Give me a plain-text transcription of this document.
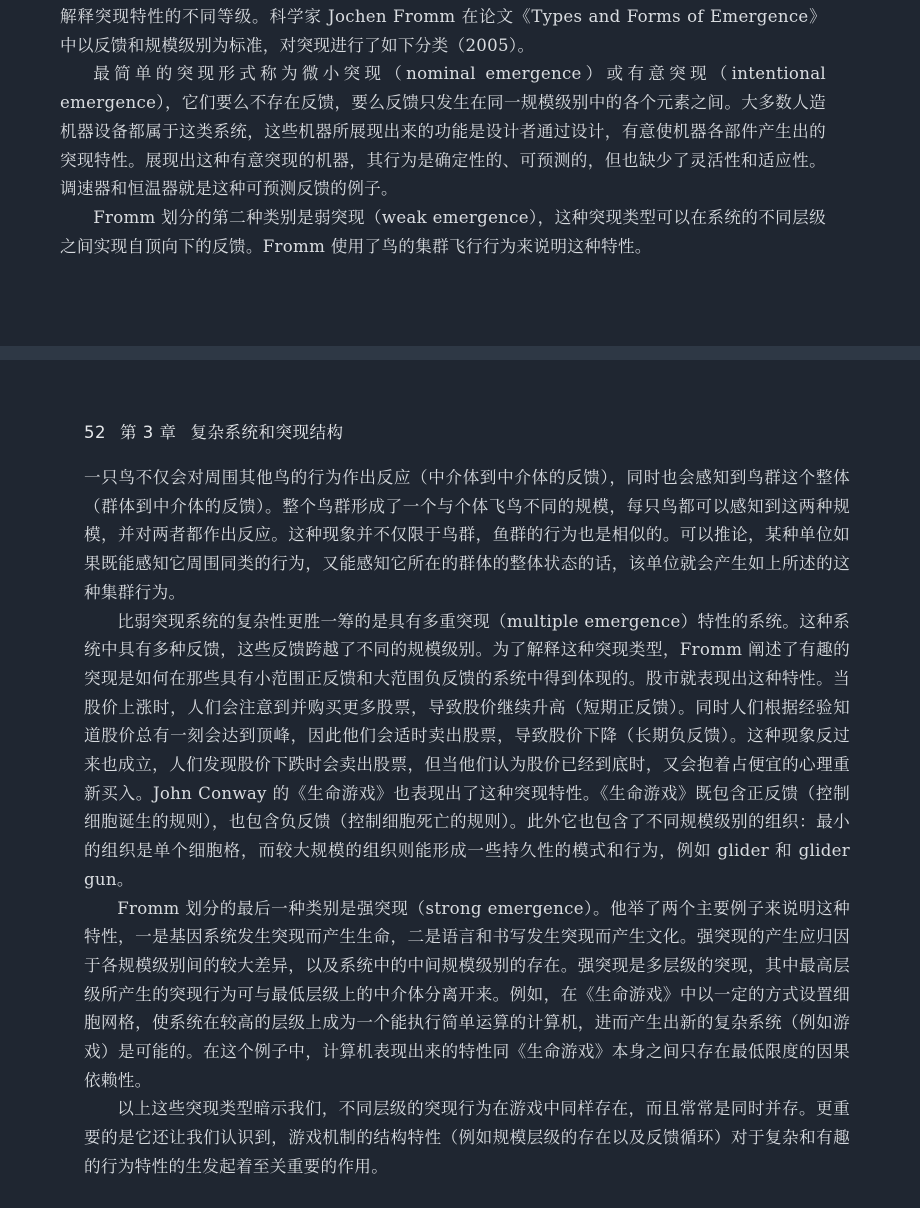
解释突现特性的不同等级。科学家 Jochen Fromm 在论文《Types and Forms of Emergence》中以反馈和规模级别为标准，对突现进行了如下分类（2005）。

最简单的突现形式称为微小突现（nominal emergence）或有意突现（intentional emergence），它们要么不存在反馈，要么反馈只发生在同一规模级别中的各个元素之间。大多数人造机器设备都属于这类系统，这些机器所展现出来的功能是设计者通过设计，有意使机器各部件产生出的突现特性。展现出这种有意突现的机器，其行为是确定性的、可预测的，但也缺少了灵活性和适应性。调速器和恒温器就是这种可预测反馈的例子。

Fromm 划分的第二种类别是弱突现（weak emergence），这种突现类型可以在系统的不同层级之间实现自顶向下的反馈。Fromm 使用了鸟的集群飞行行为来说明这种特性。

52 第 3 章 复杂系统和突现结构

一只鸟不仅会对周围其他鸟的行为作出反应（中介体到中介体的反馈），同时也会感知到鸟群这个整体（群体到中介体的反馈）。整个鸟群形成了一个与个体飞鸟不同的规模，每只鸟都可以感知到这两种规模，并对两者都作出反应。这种现象并不仅限于鸟群，鱼群的行为也是相似的。可以推论，某种单位如果既能感知它周围同类的行为，又能感知它所在的群体的整体状态的话，该单位就会产生如上所述的这种集群行为。

比弱突现系统的复杂性更胜一筹的是具有多重突现（multiple emergence）特性的系统。这种系统中具有多种反馈，这些反馈跨越了不同的规模级别。为了解释这种突现类型，Fromm 阐述了有趣的突现是如何在那些具有小范围正反馈和大范围负反馈的系统中得到体现的。股市就表现出这种特性。当股价上涨时，人们会注意到并购买更多股票，导致股价继续升高（短期正反馈）。同时人们根据经验知道股价总有一刻会达到顶峰，因此他们会适时卖出股票，导致股价下降（长期负反馈）。这种现象反过来也成立，人们发现股价下跌时会卖出股票，但当他们认为股价已经到底时，又会抱着占便宜的心理重新买入。John Conway 的《生命游戏》也表现出了这种突现特性。《生命游戏》既包含正反馈（控制细胞诞生的规则），也包含负反馈（控制细胞死亡的规则）。此外它也包含了不同规模级别的组织：最小的组织是单个细胞格，而较大规模的组织则能形成一些持久性的模式和行为，例如 glider 和 glider gun。

Fromm 划分的最后一种类别是强突现（strong emergence）。他举了两个主要例子来说明这种特性，一是基因系统发生突现而产生生命，二是语言和书写发生突现而产生文化。强突现的产生应归因于各规模级别间的较大差异，以及系统中的中间规模级别的存在。强突现是多层级的突现，其中最高层级所产生的突现行为可与最低层级上的中介体分离开来。例如，在《生命游戏》中以一定的方式设置细胞网格，使系统在较高的层级上成为一个能执行简单运算的计算机，进而产生出新的复杂系统（例如游戏）是可能的。在这个例子中，计算机表现出来的特性同《生命游戏》本身之间只存在最低限度的因果依赖性。

以上这些突现类型暗示我们，不同层级的突现行为在游戏中同样存在，而且常常是同时并存。更重要的是它还让我们认识到，游戏机制的结构特性（例如规模层级的存在以及反馈循环）对于复杂和有趣的行为特性的生发起着至关重要的作用。
